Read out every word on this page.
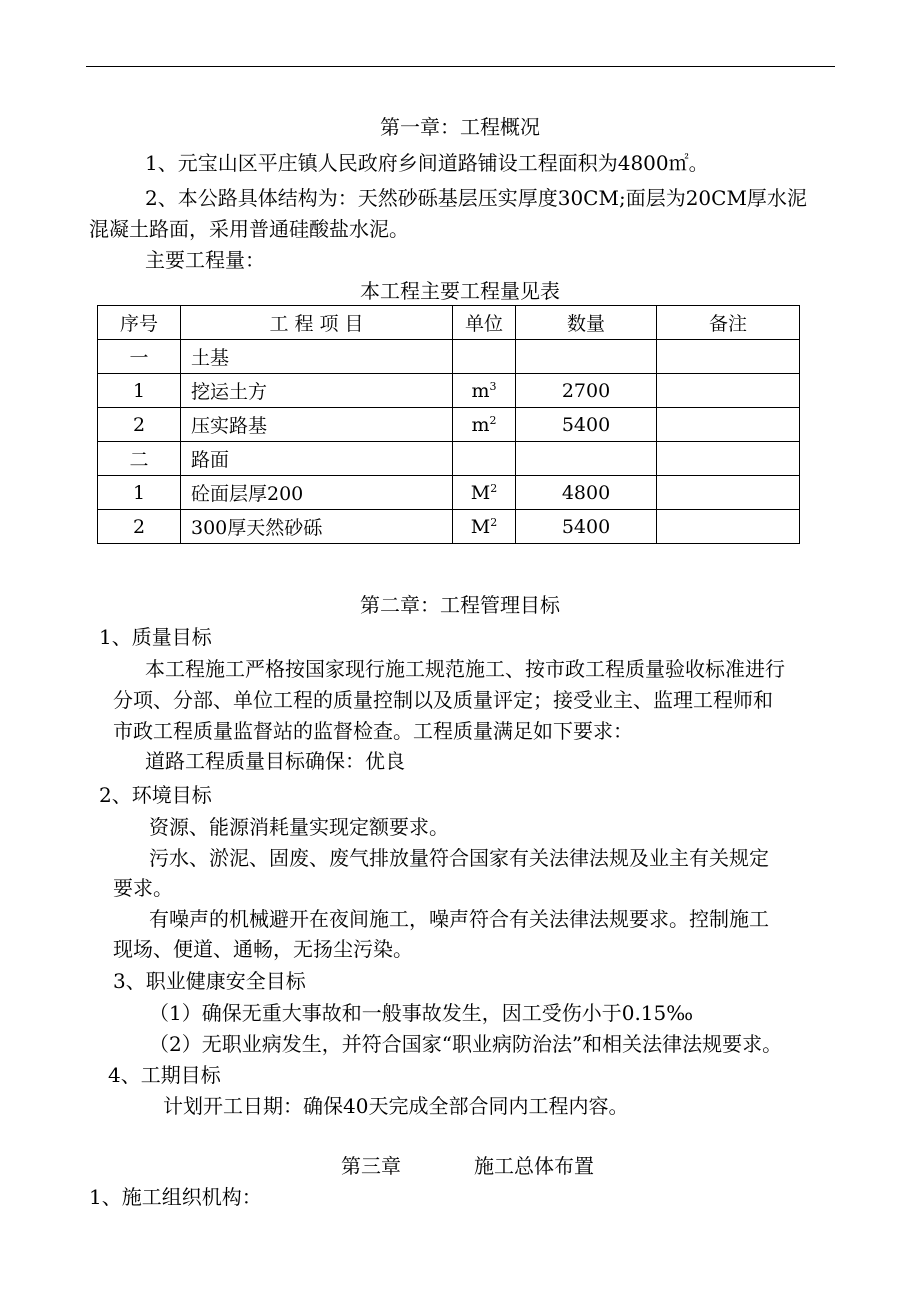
第一章：工程概况
1、元宝山区平庄镇人民政府乡间道路铺设工程面积为4800㎡。
2、本公路具体结构为：天然砂砾基层压实厚度30CM;面层为20CM厚水泥
混凝土路面，采用普通硅酸盐水泥。
主要工程量：
本工程主要工程量见表
序号	工 程 项 目	单位	数量	备注
一	土基			
1	挖运土方	$m^3$	2700	
2	压实路基	$m^2$	5400	
二	路面			
1	砼面层厚200	$M^2$	4800	
2	300厚天然砂砾	$M^2$	5400	
第二章：工程管理目标
1、质量目标
本工程施工严格按国家现行施工规范施工、按市政工程质量验收标准进行
分项、分部、单位工程的质量控制以及质量评定；接受业主、监理工程师和
市政工程质量监督站的监督检查。工程质量满足如下要求：
道路工程质量目标确保：优良
2、环境目标
资源、能源消耗量实现定额要求。
污水、淤泥、固废、废气排放量符合国家有关法律法规及业主有关规定
要求。
有噪声的机械避开在夜间施工，噪声符合有关法律法规要求。控制施工
现场、便道、通畅，无扬尘污染。
3、职业健康安全目标
（1）确保无重大事故和一般事故发生，因工受伤小于0.15‰
（2）无职业病发生，并符合国家“职业病防治法”和相关法律法规要求。
4、工期目标
计划开工日期：确保40天完成全部合同内工程内容。
第三章	施工总体布置
1、施工组织机构：
